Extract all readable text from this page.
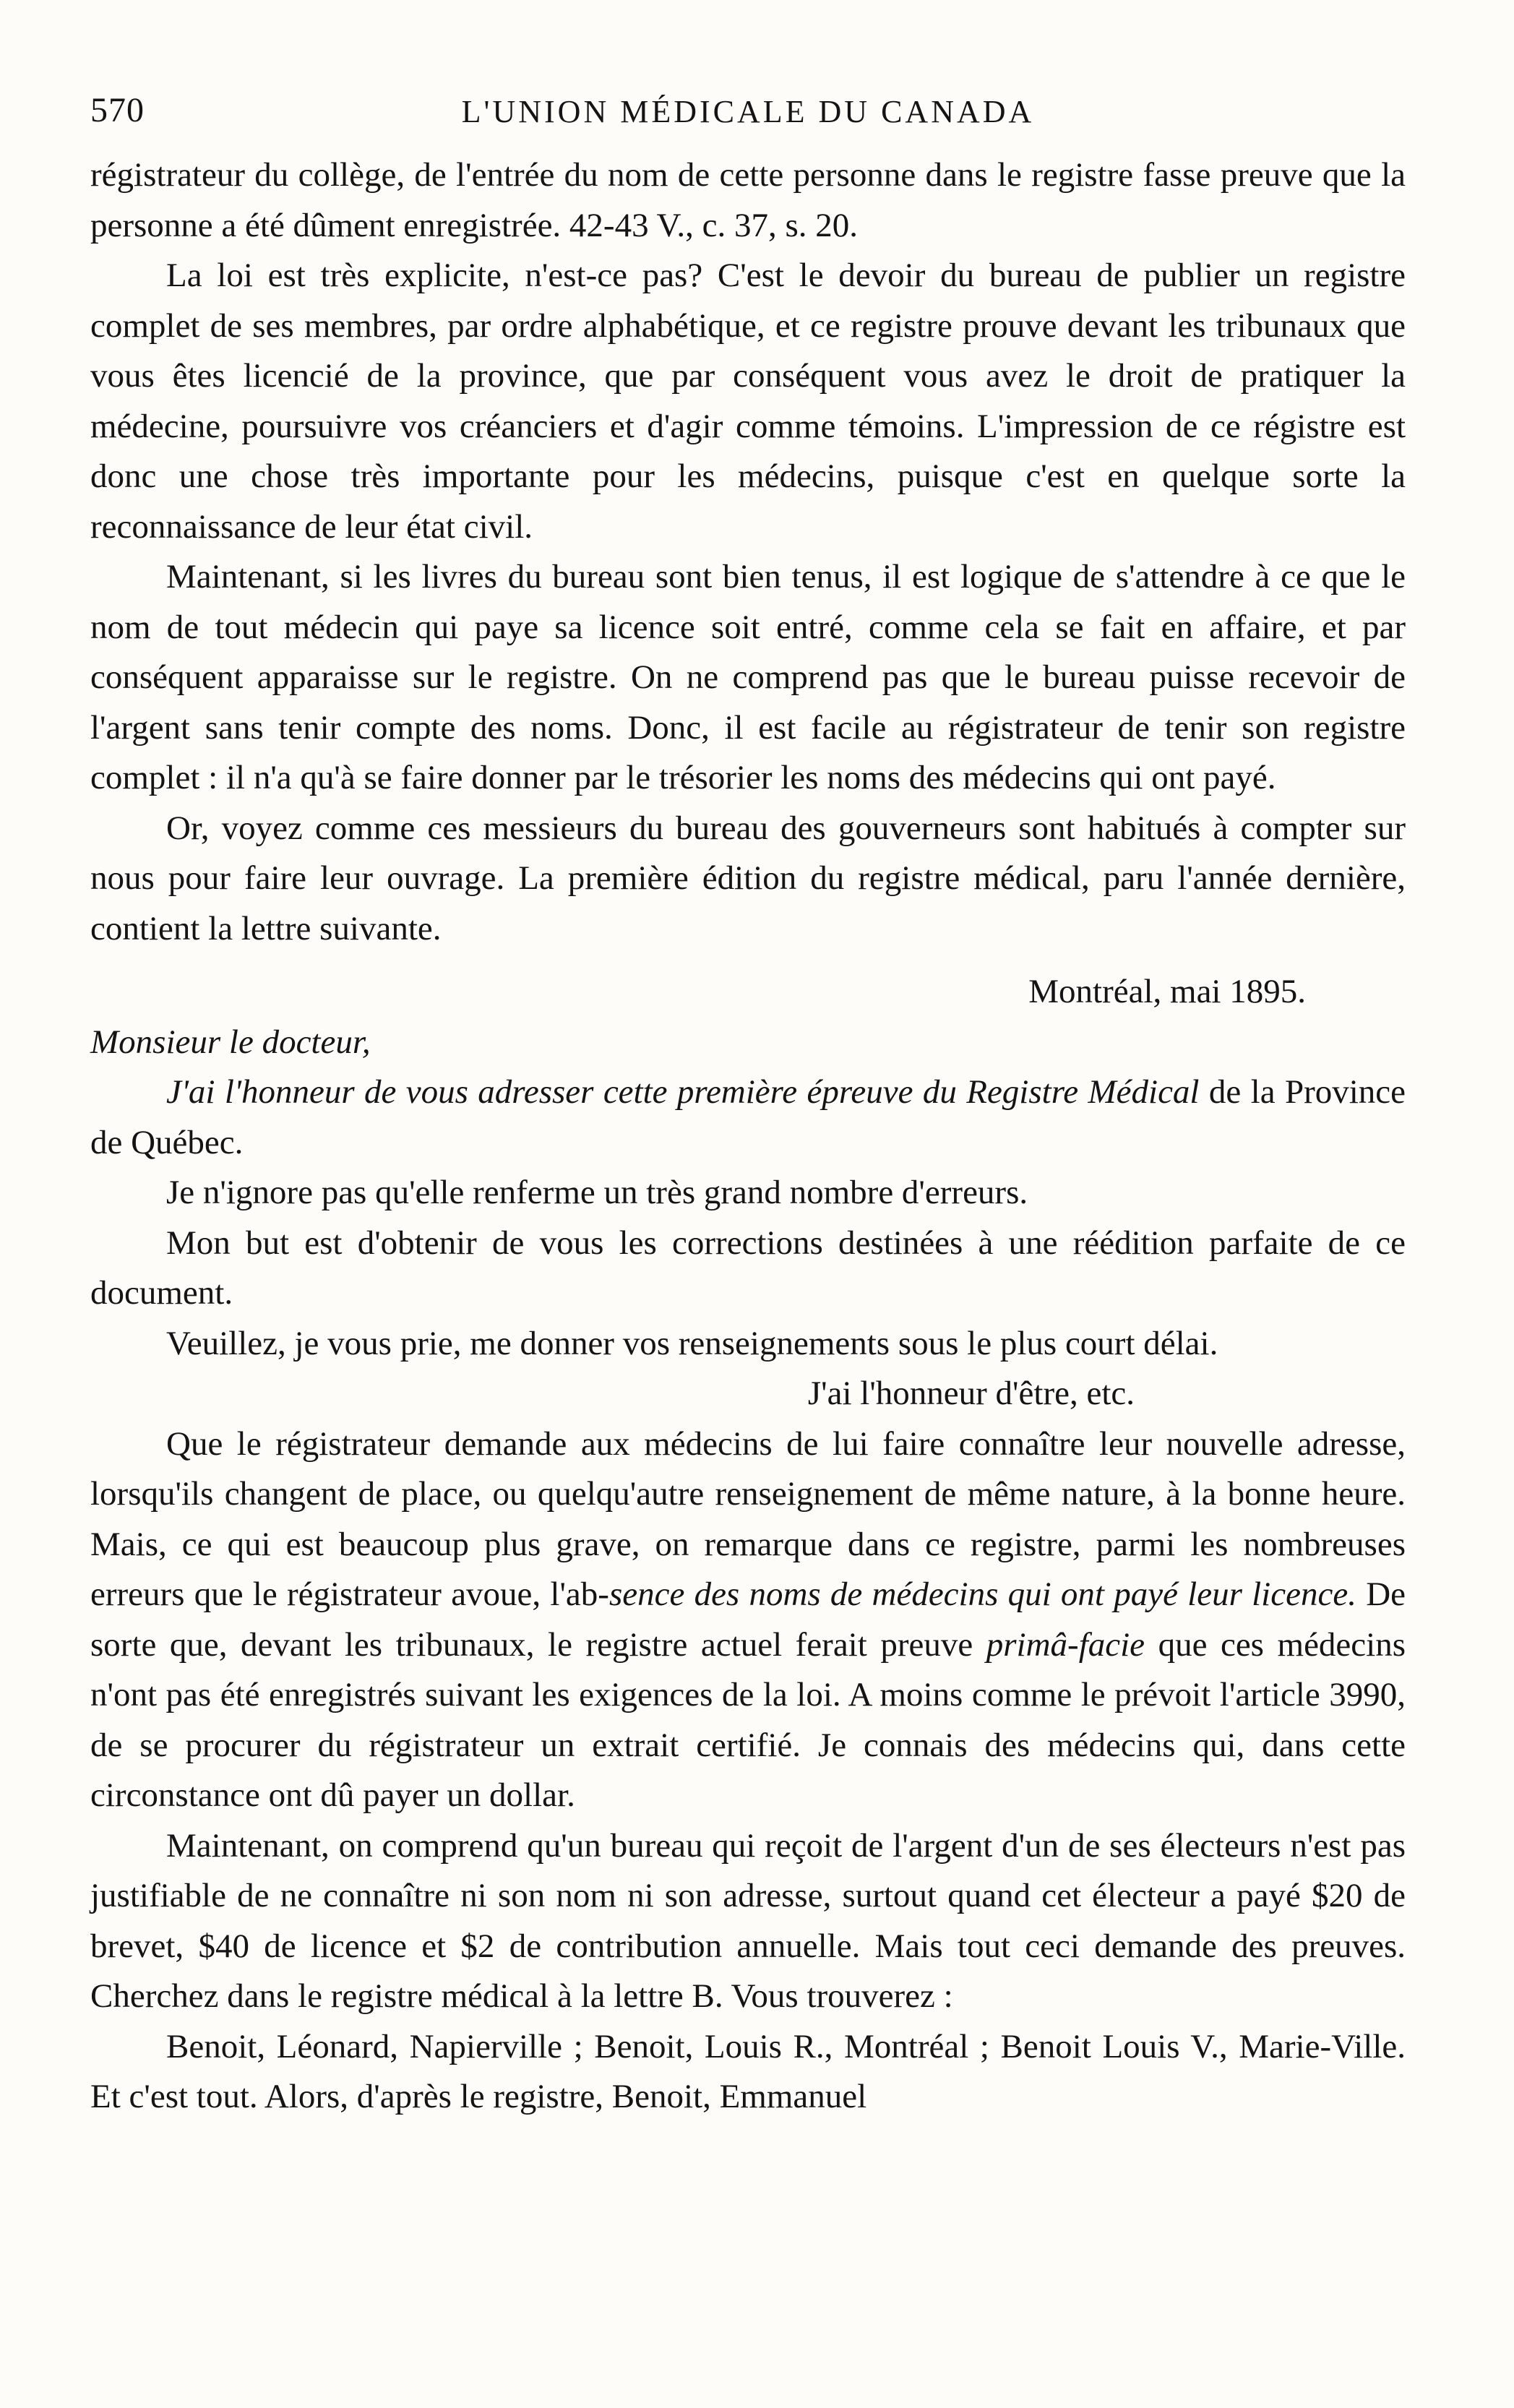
570	L'UNION MÉDICALE DU CANADA

régistrateur du collège, de l'entrée du nom de cette personne dans le registre fasse preuve que la personne a été dûment enregistrée. 42-43 V., c. 37, s. 20.

La loi est très explicite, n'est-ce pas? C'est le devoir du bureau de publier un registre complet de ses membres, par ordre alphabétique, et ce registre prouve devant les tribunaux que vous êtes licencié de la province, que par conséquent vous avez le droit de pratiquer la médecine, poursuivre vos créanciers et d'agir comme témoins. L'impression de ce régistre est donc une chose très importante pour les médecins, puisque c'est en quelque sorte la reconnaissance de leur état civil.

Maintenant, si les livres du bureau sont bien tenus, il est logique de s'attendre à ce que le nom de tout médecin qui paye sa licence soit entré, comme cela se fait en affaire, et par conséquent apparaisse sur le registre. On ne comprend pas que le bureau puisse recevoir de l'argent sans tenir compte des noms. Donc, il est facile au régistrateur de tenir son registre complet : il n'a qu'à se faire donner par le trésorier les noms des médecins qui ont payé.

Or, voyez comme ces messieurs du bureau des gouverneurs sont habitués à compter sur nous pour faire leur ouvrage. La première édition du registre médical, paru l'année dernière, contient la lettre suivante.

Montréal, mai 1895.

Monsieur le docteur,

J'ai l'honneur de vous adresser cette première épreuve du Registre Médical de la Province de Québec.

Je n'ignore pas qu'elle renferme un très grand nombre d'erreurs.

Mon but est d'obtenir de vous les corrections destinées à une réédition parfaite de ce document.

Veuillez, je vous prie, me donner vos renseignements sous le plus court délai.

J'ai l'honneur d'être, etc.

Que le régistrateur demande aux médecins de lui faire connaître leur nouvelle adresse, lorsqu'ils changent de place, ou quelqu'autre renseignement de même nature, à la bonne heure. Mais, ce qui est beaucoup plus grave, on remarque dans ce registre, parmi les nombreuses erreurs que le régistrateur avoue, l'ab-sence des noms de médecins qui ont payé leur licence. De sorte que, devant les tribunaux, le registre actuel ferait preuve primâ-facie que ces médecins n'ont pas été enregistrés suivant les exigences de la loi. A moins comme le prévoit l'article 3990, de se procurer du régistrateur un extrait certifié. Je connais des médecins qui, dans cette circonstance ont dû payer un dollar.

Maintenant, on comprend qu'un bureau qui reçoit de l'argent d'un de ses électeurs n'est pas justifiable de ne connaître ni son nom ni son adresse, surtout quand cet électeur a payé $20 de brevet, $40 de licence et $2 de contribution annuelle. Mais tout ceci demande des preuves. Cherchez dans le registre médical à la lettre B. Vous trouverez :

Benoit, Léonard, Napierville ; Benoit, Louis R., Montréal ; Benoit Louis V., Marie-Ville. Et c'est tout. Alors, d'après le registre, Benoit, Emmanuel
